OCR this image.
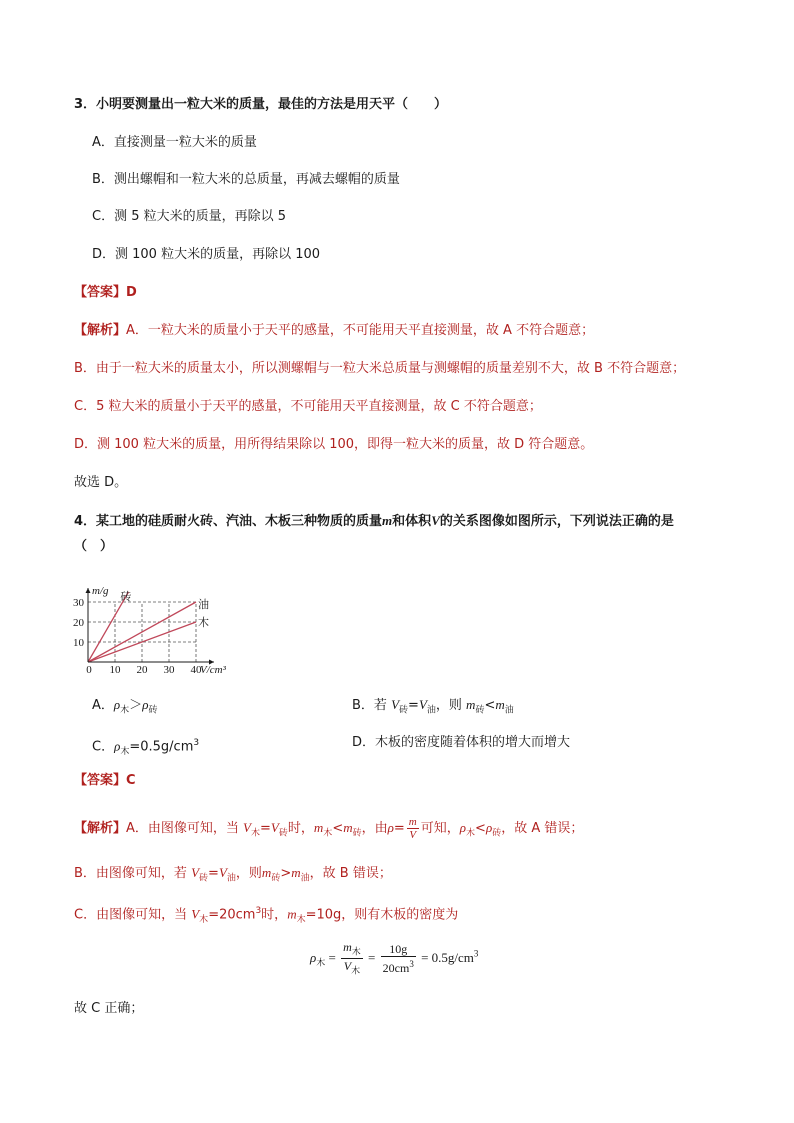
3．小明要测量出一粒大米的质量，最佳的方法是用天平（　　）
A．直接测量一粒大米的质量
B．测出螺帽和一粒大米的总质量，再减去螺帽的质量
C．测 5 粒大米的质量，再除以 5
D．测 100 粒大米的质量，再除以 100
【答案】D
【解析】A．一粒大米的质量小于天平的感量，不可能用天平直接测量，故 A 不符合题意；
B．由于一粒大米的质量太小，所以测螺帽与一粒大米总质量与测螺帽的质量差别不大，故 B 不符合题意；
C．5 粒大米的质量小于天平的感量，不可能用天平直接测量，故 C 不符合题意；
D．测 100 粒大米的质量，用所得结果除以 100，即得一粒大米的质量，故 D 符合题意。
故选 D。
4．某工地的硅质耐火砖、汽油、木板三种物质的质量m和体积V的关系图像如图所示，下列说法正确的是
（　）
0 10 20 30 40
10
20
30
m/g
V/cm³
砖
油
木
A．$\rho_木>\rho_砖$	B．若 $V_砖=V_油$，则 $m_砖<m_油$
C．$\rho_木=0.5g/cm^3$	D．木板的密度随着体积的增大而增大
【答案】C
【解析】A．由图像可知，当 $V_木=V_砖$时，$m_木<m_砖$，由$\rho= \frac{m}{V}$ 可知，$\rho_木<\rho_砖$，故 A 错误；
B．由图像可知，若 $V_砖=V_油$，则$m_砖>m_油$，故 B 错误；
C．由图像可知，当 $V_木=20cm^3$时，$m_木=10g$，则有木板的密度为
$\rho_木 = \frac{m_木}{V_木} = \frac{10g}{20cm^3} = 0.5g/cm^3$
故 C 正确；
